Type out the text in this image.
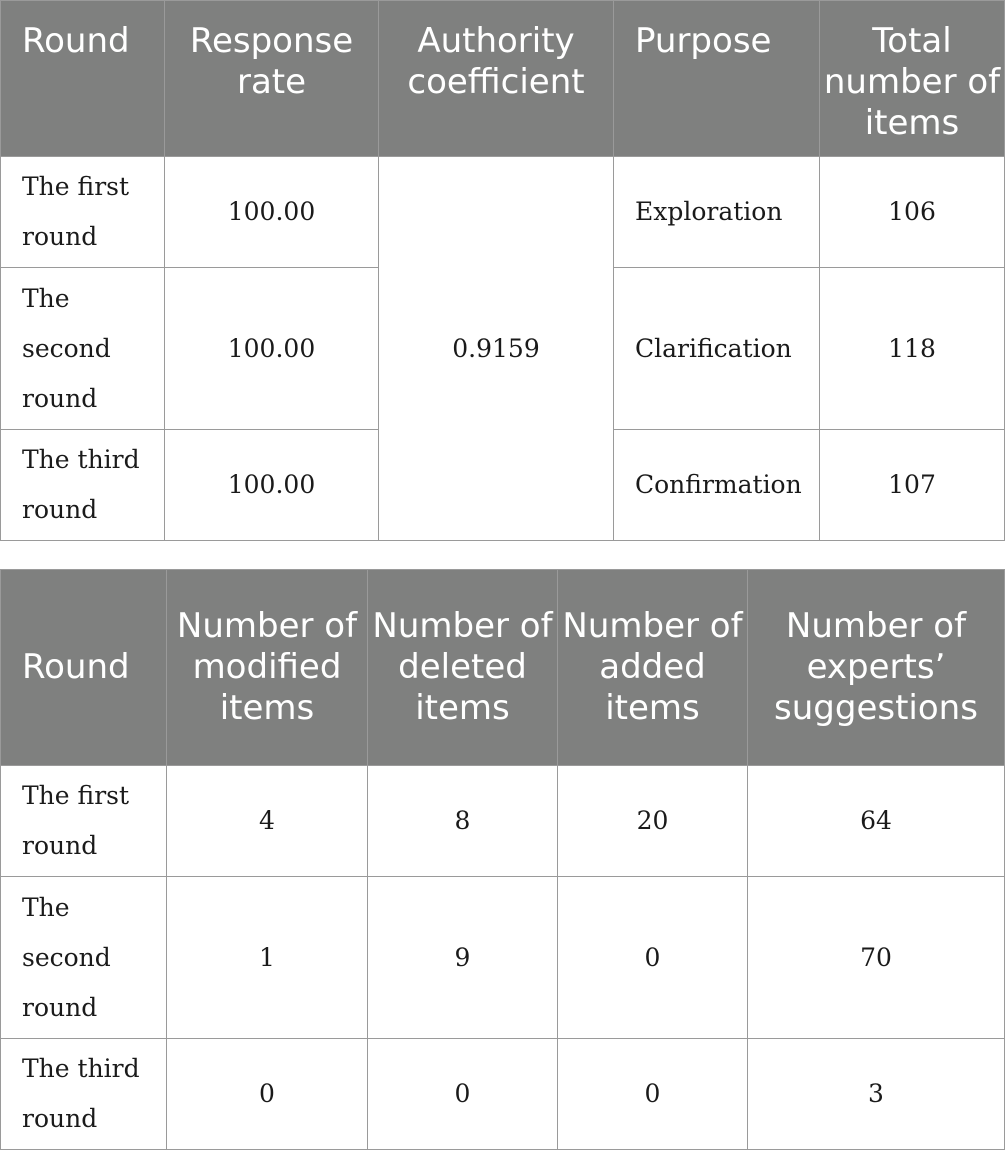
Round	Response rate	Authority coefficient	Purpose	Total number of items
The first round	100.00	0.9159	Exploration	106
The second round	100.00		Clarification	118
The third round	100.00		Confirmation	107
Round	Number of modified items	Number of deleted items	Number of added items	Number of experts’ suggestions
The first round	4	8	20	64
The second round	1	9	0	70
The third round	0	0	0	3
